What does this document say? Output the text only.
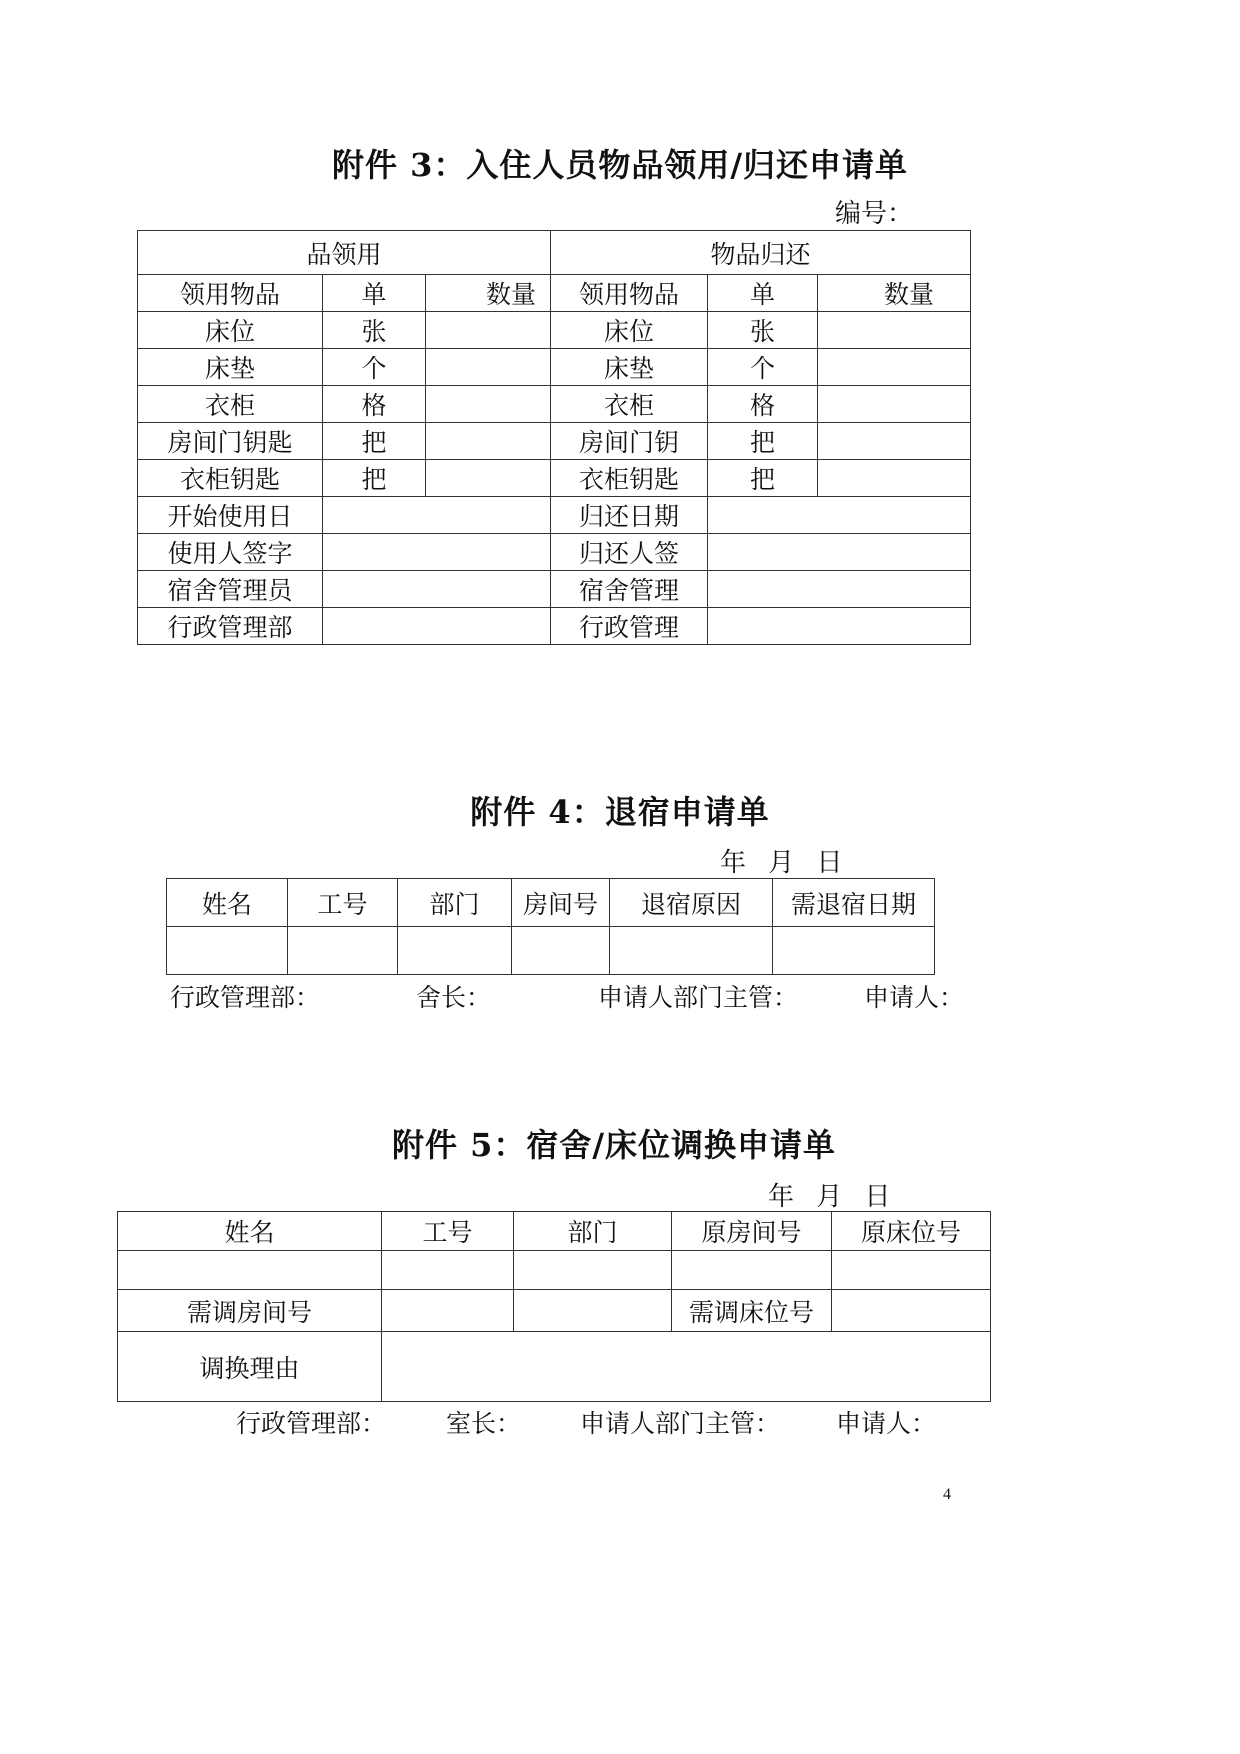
附件 3：入住人员物品领用/归还申请单
编号：
品领用			物品归还		
领用物品	单	数量	领用物品	单	数量
床位	张		床位	张	
床垫	个		床垫	个	
衣柜	格		衣柜	格	
房间门钥匙	把		房间门钥	把	
衣柜钥匙	把		衣柜钥匙	把	
开始使用日			归还日期		
使用人签字			归还人签		
宿舍管理员			宿舍管理		
行政管理部			行政管理		
附件 4：退宿申请单
年 月 日
姓名	工号	部门	房间号	退宿原因	需退宿日期

行政管理部：	舍长：	申请人部门主管：	申请人：
附件 5：宿舍/床位调换申请单
年 月 日
姓名	工号	部门	原房间号	原床位号

需调房间号			需调床位号	
调换理由				
行政管理部： 室长： 申请人部门主管： 申请人：
4
